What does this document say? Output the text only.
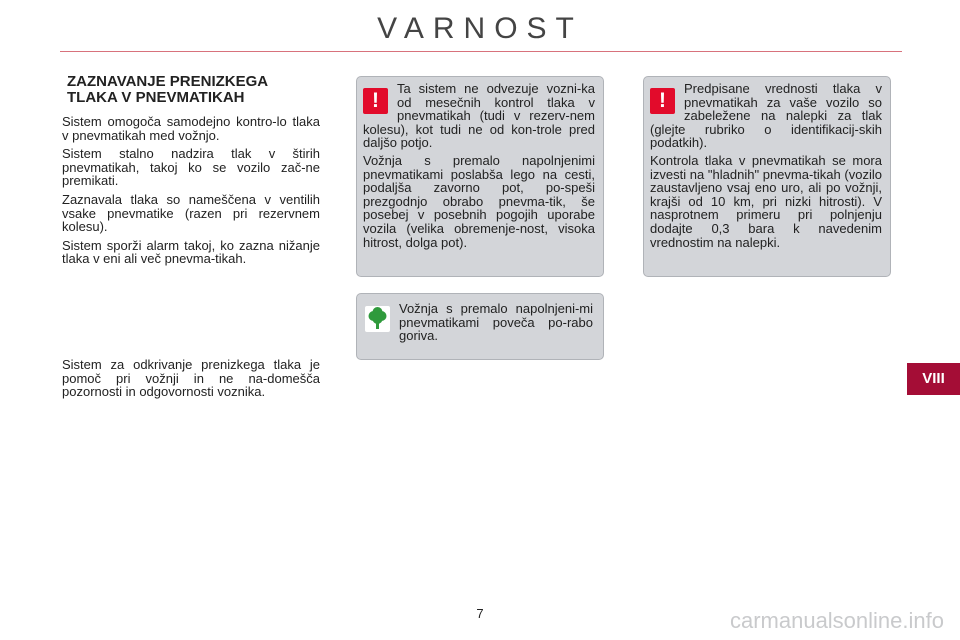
VARNOST
ZAZNAVANJE PRENIZKEGA TLAKA V PNEVMATIKAH

Sistem omogoča samodejno kontro-lo tlaka v pnevmatikah med vožnjo.

Sistem stalno nadzira tlak v štirih pnevmatikah, takoj ko se vozilo zač-ne premikati.

Zaznavala tlaka so nameščena v ventilih vsake pnevmatike (razen pri rezervnem kolesu).

Sistem sporži alarm takoj, ko zazna nižanje tlaka v eni ali več pnevma-tikah.

Sistem za odkrivanje prenizkega tlaka je pomoč pri vožnji in ne na-domešča pozornosti in odgovornosti voznika.

!

Ta sistem ne odvezuje vozni-ka od mesečnih kontrol tlaka v pnevmatikah (tudi v rezerv-nem kolesu), kot tudi ne od kon-trole pred daljšo potjo.

Vožnja s premalo napolnjenimi pnevmatikami poslabša lego na cesti, podaljša zavorno pot, po-speši prezgodnjo obrabo pnevma-tik, še posebej v posebnih pogojih uporabe vozila (velika obremenje-nost, visoka hitrost, dolga pot).

Vožnja s premalo napolnjeni-mi pnevmatikami poveča po-rabo goriva.

!

Predpisane vrednosti tlaka v pnevmatikah za vaše vozilo so zabeležene na nalepki za tlak (glejte rubriko o identifikacij-skih podatkih).

Kontrola tlaka v pnevmatikah se mora izvesti na "hladnih" pnevma-tikah (vozilo zaustavljeno vsaj eno uro, ali po vožnji, krajši od 10 km, pri nizki hitrosti). V nasprotnem primeru pri polnjenju dodajte 0,3 bara k navedenim vrednostim na nalepki.

VIII
7	carmanualsonline.info
